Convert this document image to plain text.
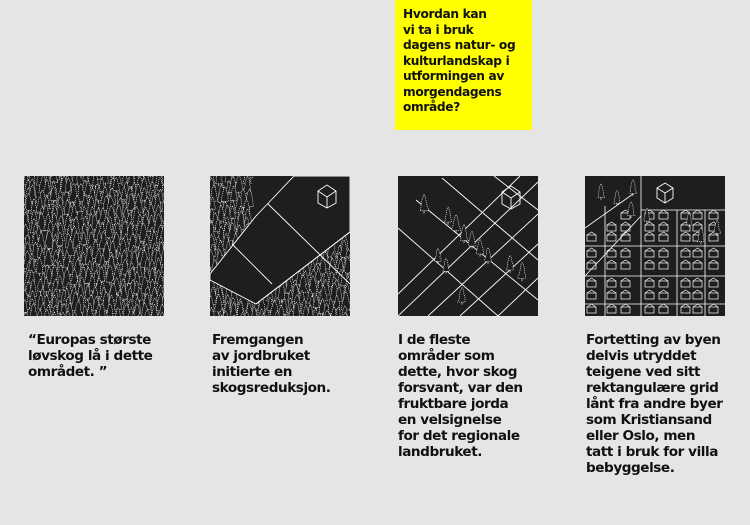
Hvordan kan
vi ta i bruk
dagens natur- og
kulturlandskap i
utformingen av
morgendagens
område?
“Europas største
løvskog lå i dette
området. ”
Fremgangen
av jordbruket
initierte en
skogsreduksjon.
I de fleste
områder som
dette, hvor skog
forsvant, var den
fruktbare jorda
en velsignelse
for det regionale
landbruket.
Fortetting av byen
delvis utryddet
teigene ved sitt
rektangulære grid
lånt fra andre byer
som Kristiansand
eller Oslo, men
tatt i bruk for villa
bebyggelse.
